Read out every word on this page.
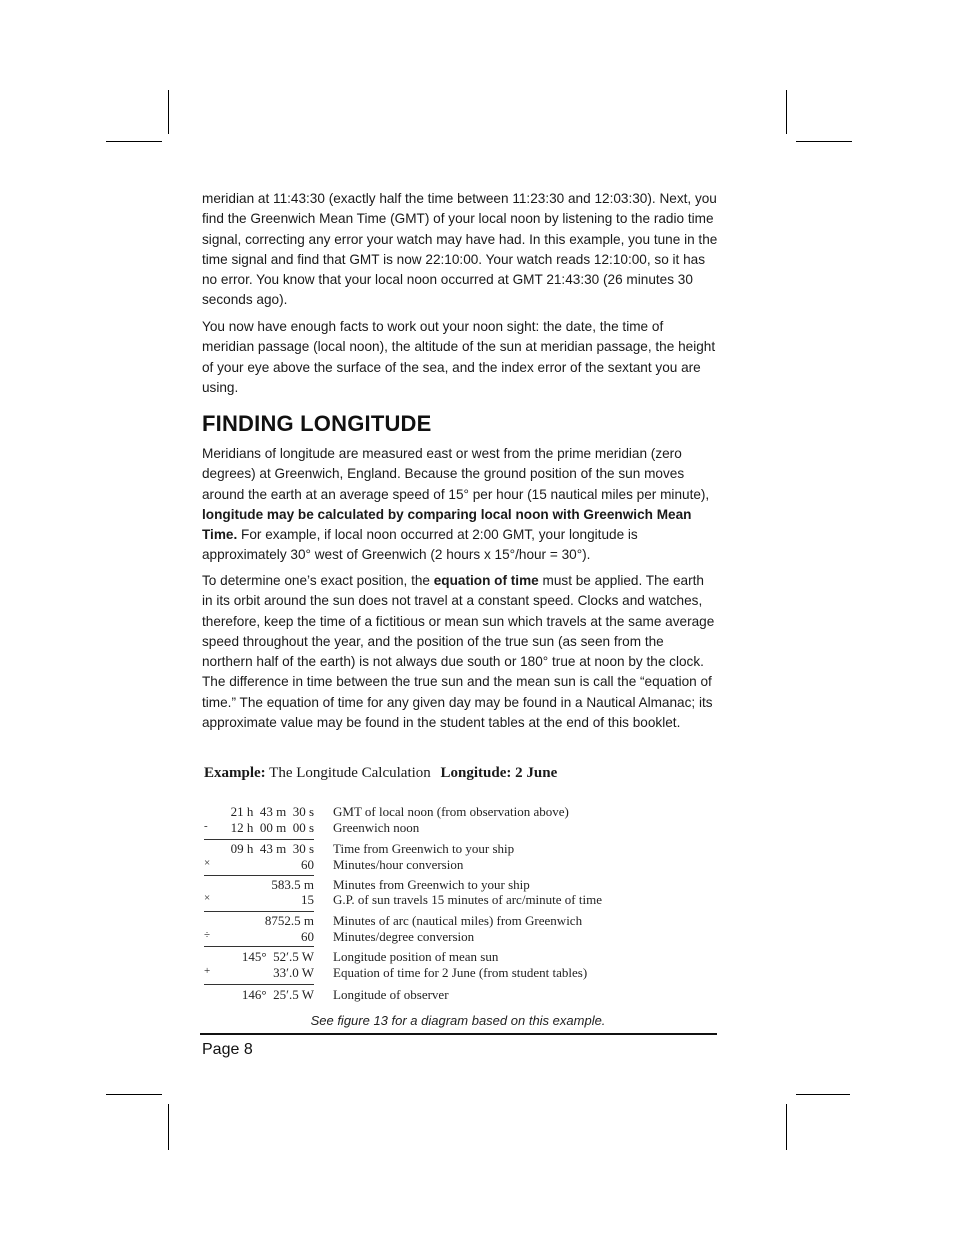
meridian at 11:43:30 (exactly half the time between 11:23:30 and 12:03:30). Next, you find the Greenwich Mean Time (GMT) of your local noon by listening to the radio time signal, correcting any error your watch may have had. In this example, you tune in the time signal and find that GMT is now 22:10:00. Your watch reads 12:10:00, so it has no error. You know that your local noon occurred at GMT 21:43:30 (26 minutes 30 seconds ago).

You now have enough facts to work out your noon sight: the date, the time of meridian passage (local noon), the altitude of the sun at meridian passage, the height of your eye above the surface of the sea, and the index error of the sextant you are using.

FINDING LONGITUDE

Meridians of longitude are measured east or west from the prime meridian (zero degrees) at Greenwich, England. Because the ground position of the sun moves around the earth at an average speed of 15° per hour (15 nautical miles per minute), longitude may be calculated by comparing local noon with Greenwich Mean Time. For example, if local noon occurred at 2:00 GMT, your longitude is approximately 30° west of Greenwich (2 hours x 15°/hour = 30°).

To determine one’s exact position, the equation of time must be applied. The earth in its orbit around the sun does not travel at a constant speed. Clocks and watches, therefore, keep the time of a fictitious or mean sun which travels at the same average speed throughout the year, and the position of the true sun (as seen from the northern half of the earth) is not always due south or 180° true at noon by the clock. The difference in time between the true sun and the mean sun is call the “equation of time.” The equation of time for any given day may be found in a Nautical Almanac; its approximate value may be found in the student tables at the end of this booklet.

Example: The Longitude Calculation Longitude: 2 June
21 h  43 m  30 s GMT of local noon (from observation above)
-	12 h  00 m  00 s Greenwich noon
09 h  43 m  30 s Time from Greenwich to your ship
×	60 Minutes/hour conversion
583.5 m Minutes from Greenwich to your ship
×	15 G.P. of sun travels 15 minutes of arc/minute of time
8752.5 m Minutes of arc (nautical miles) from Greenwich
÷	60 Minutes/degree conversion
145°  52′.5 W Longitude position of mean sun
+	33′.0 W Equation of time for 2 June (from student tables)
146°  25′.5 W Longitude of observer
See figure 13 for a diagram based on this example.
Page 8
